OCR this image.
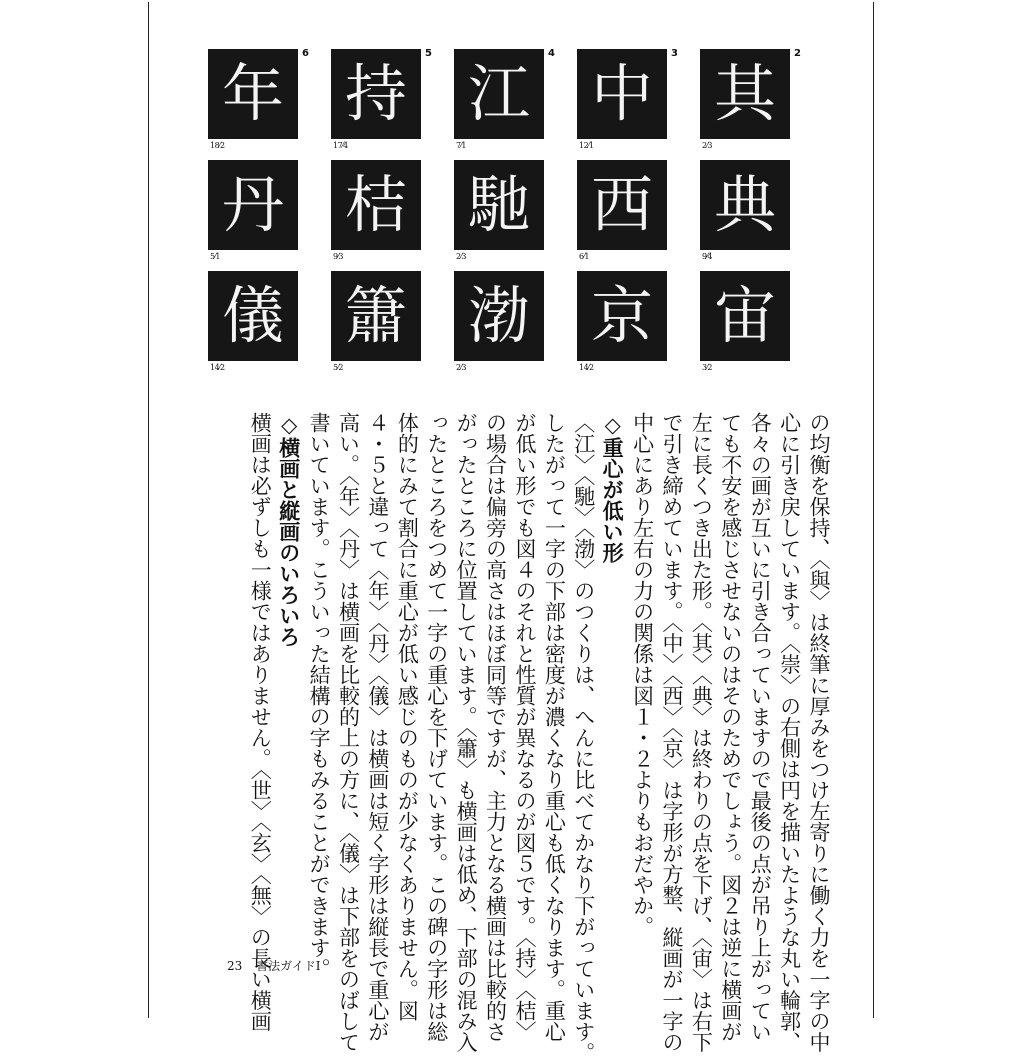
2
其
2⁄3
典
9⁄4
宙
3⁄2
3
中
12⁄1
西
6⁄1
京
14⁄2
4
江
7⁄1
馳
2⁄3
渤
2⁄3
5
持
17⁄4
桔
9⁄3
簫
5⁄2
6
年
18⁄2
丹
5⁄1
儀
14⁄2
の均衡を保持、〈與〉は終筆に厚みをつけ左寄りに働く力を一字の中
心に引き戻しています。〈崇〉の右側は円を描いたような丸い輪郭、
各々の画が互いに引き合っていますので最後の点が吊り上がってい
ても不安を感じさせないのはそのためでしょう。図２は逆に横画が
左に長くつき出た形。〈其〉〈典〉は終わりの点を下げ、〈宙〉は右下
で引き締めています。〈中〉〈西〉〈京〉は字形が方整、縦画が一字の
中心にあり左右の力の関係は図１・２よりもおだやか。
◇重心が低い形
〈江〉〈馳〉〈渤〉のつくりは、へんに比べてかなり下がっています。
したがって一字の下部は密度が濃くなり重心も低くなります。重心
が低い形でも図４のそれと性質が異なるのが図５です。〈持〉〈桔〉
の場合は偏旁の高さはほぼ同等ですが、主力となる横画は比較的さ
がったところに位置しています。〈簫〉も横画は低め、下部の混み入
ったところをつめて一字の重心を下げています。この碑の字形は総
体的にみて割合に重心が低い感じのものが少なくありません。図
４・５と違って〈年〉〈丹〉〈儀〉は横画は短く字形は縦長で重心が
高い。〈年〉〈丹〉は横画を比較的上の方に、〈儀〉は下部をのばして
書いています。こういった結構の字もみることができます。
◇横画と縦画のいろいろ
横画は必ずしも一様ではありません。〈世〉〈玄〉〈無〉の長い横画
23 書法ガイドⅠ
